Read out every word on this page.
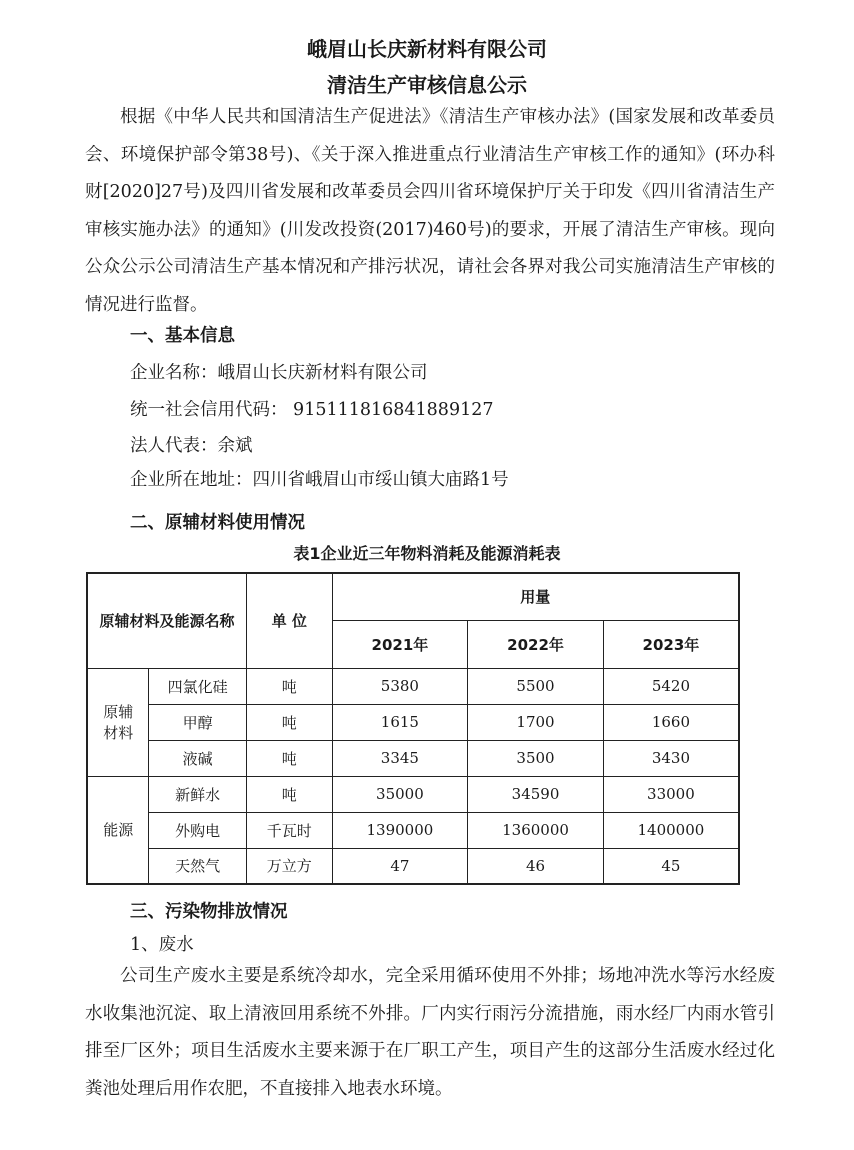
峨眉山长庆新材料有限公司
清洁生产审核信息公示

根据《中华人民共和国清洁生产促进法》《清洁生产审核办法》(国家发展和改革委员会、环境保护部令第38号)、《关于深入推进重点行业清洁生产审核工作的通知》(环办科财[2020]27号)及四川省发展和改革委员会四川省环境保护厅关于印发《四川省清洁生产审核实施办法》的通知》(川发改投资(2017)460号)的要求，开展了清洁生产审核。现向公众公示公司清洁生产基本情况和产排污状况，请社会各界对我公司实施清洁生产审核的情况进行监督。

一、基本信息
企业名称：峨眉山长庆新材料有限公司
统一社会信用代码： 91511181684188912​7
法人代表：余斌
企业所在地址：四川省峨眉山市绥山镇大庙路1号
二、原辅材料使用情况
表1企业近三年物料消耗及能源消耗表
原辅材料及能源名称		单 位	用量		
			2021年	2022年	2023年
原辅材料	四氯化硅	吨	5380	5500	5420
	甲醇	吨	1615	1700	1660
	液碱	吨	3345	3500	3430
能源	新鲜水	吨	35000	34590	33000
	外购电	千瓦时	1390000	1360000	1400000
	天然气	万立方	47	46	45
三、污染物排放情况
1、废水

公司生产废水主要是系统冷却水，完全采用循环使用不外排；场地冲洗水等污水经废水收集池沉淀、取上清液回用系统不外排。厂内实行雨污分流措施，雨水经厂内雨水管引排至厂区外；项目生活废水主要来源于在厂职工产生，项目产生的这部分生活废水经过化粪池处理后用作农肥，不直接排入地表水环境。
